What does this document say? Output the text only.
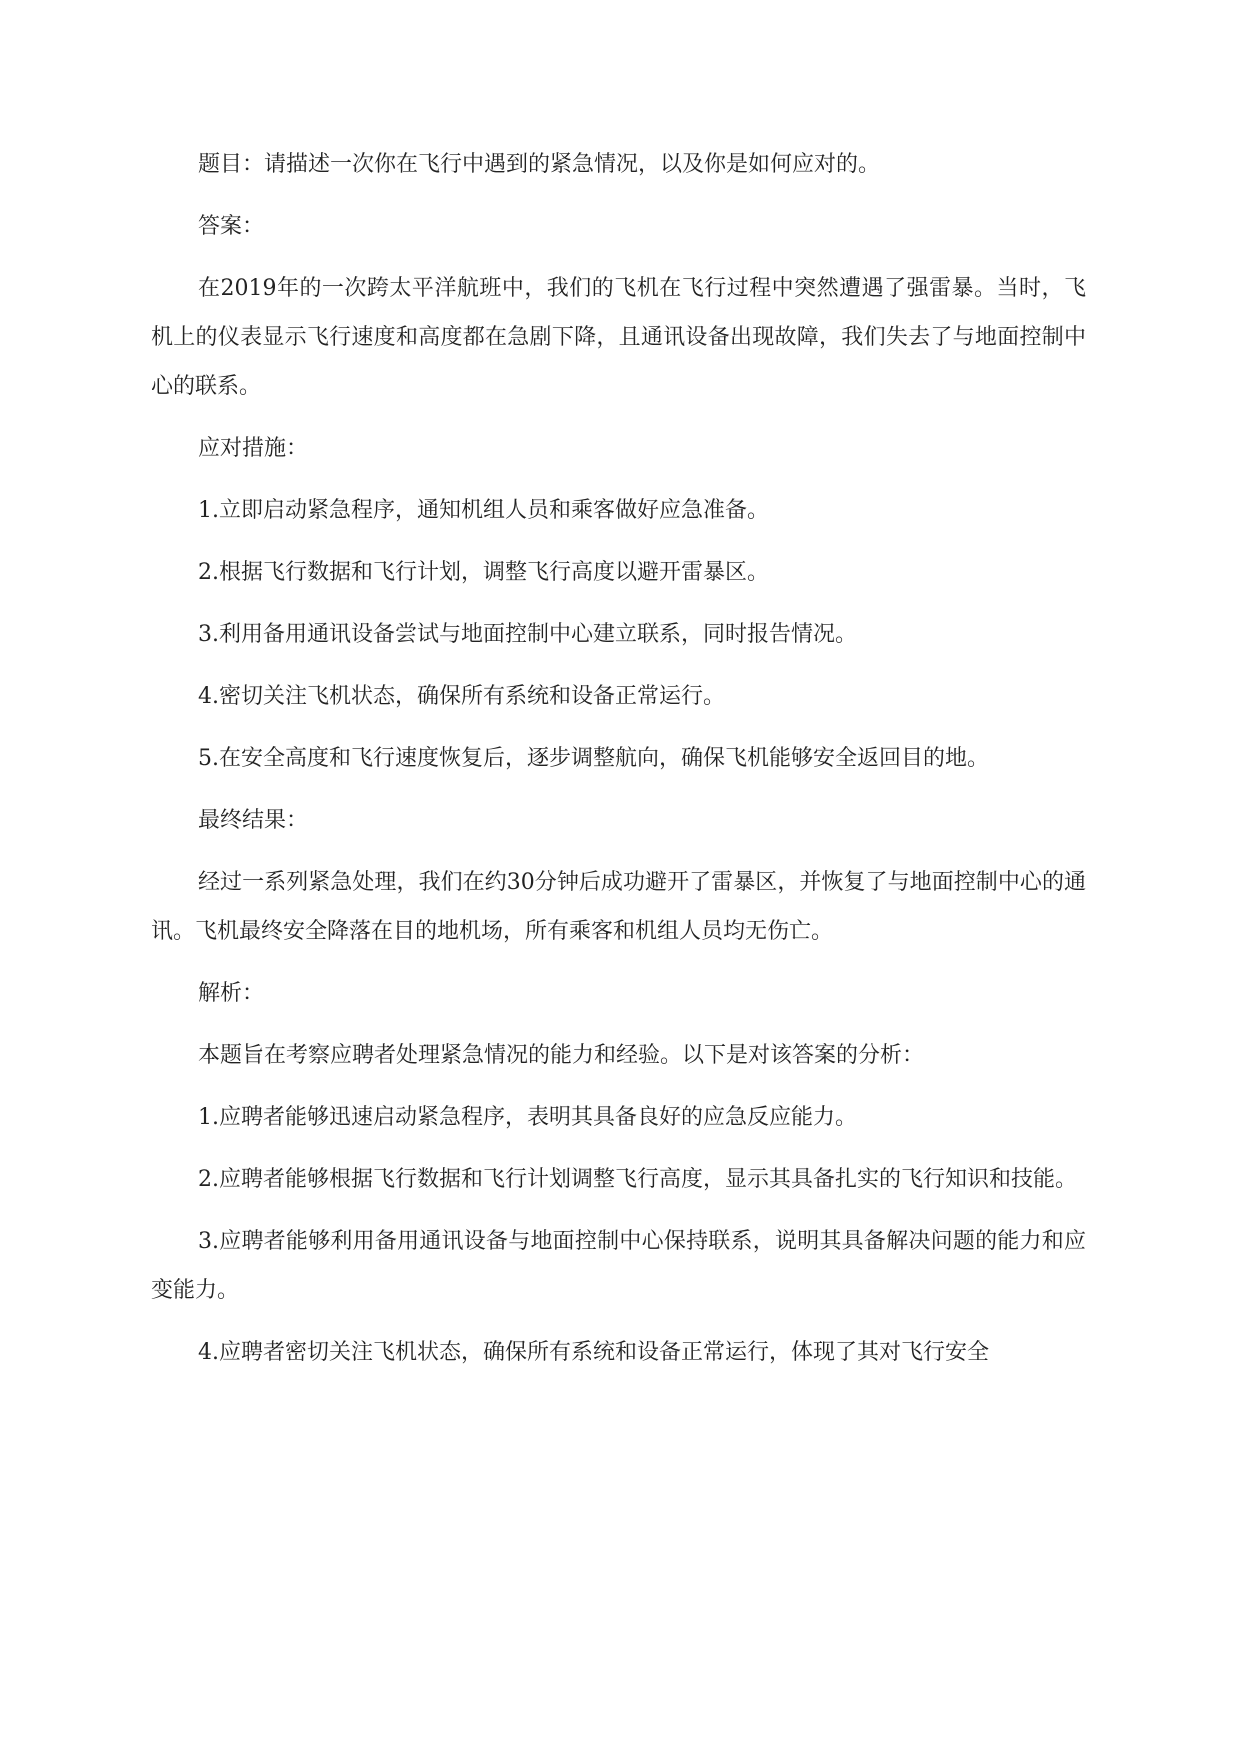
题目：请描述一次你在飞行中遇到的紧急情况，以及你是如何应对的。

答案：

在2019年的一次跨太平洋航班中，我们的飞机在飞行过程中突然遭遇了强雷暴。当时，飞机上的仪表显示飞行速度和高度都在急剧下降，且通讯设备出现故障，我们失去了与地面控制中心的联系。

应对措施：

1.立即启动紧急程序，通知机组人员和乘客做好应急准备。

2.根据飞行数据和飞行计划，调整飞行高度以避开雷暴区。

3.利用备用通讯设备尝试与地面控制中心建立联系，同时报告情况。

4.密切关注飞机状态，确保所有系统和设备正常运行。

5.在安全高度和飞行速度恢复后，逐步调整航向，确保飞机能够安全返回目的地。

最终结果：

经过一系列紧急处理，我们在约30分钟后成功避开了雷暴区，并恢复了与地面控制中心的通讯。飞机最终安全降落在目的地机场，所有乘客和机组人员均无伤亡。

解析：

本题旨在考察应聘者处理紧急情况的能力和经验。以下是对该答案的分析：

1.应聘者能够迅速启动紧急程序，表明其具备良好的应急反应能力。

2.应聘者能够根据飞行数据和飞行计划调整飞行高度，显示其具备扎实的飞行知识和技能。

3.应聘者能够利用备用通讯设备与地面控制中心保持联系，说明其具备解决问题的能力和应变能力。

4.应聘者密切关注飞机状态，确保所有系统和设备正常运行，体现了其对飞行安全
